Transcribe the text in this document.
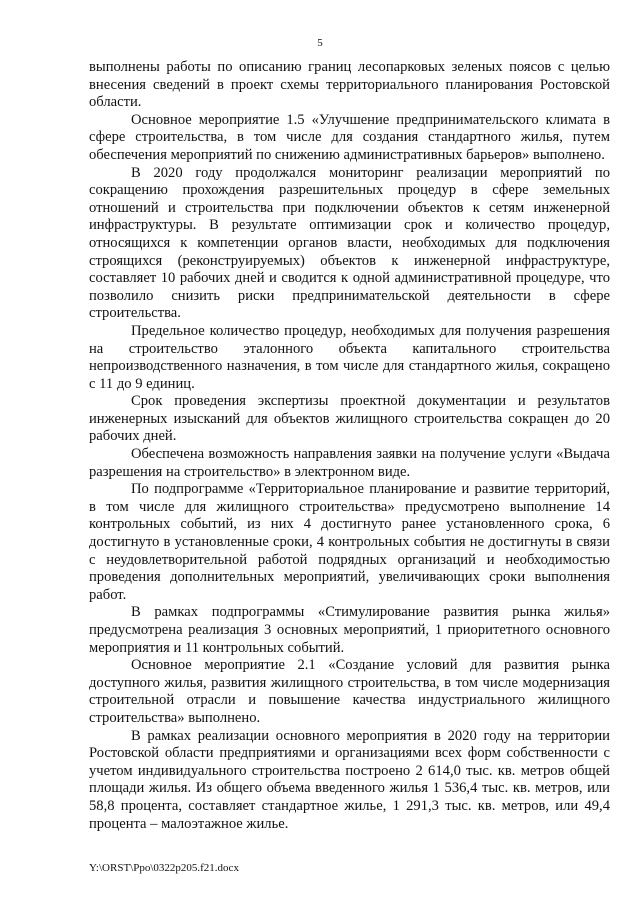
5

выполнены работы по описанию границ лесопарковых зеленых поясов с целью внесения сведений в проект схемы территориального планирования Ростовской области.

Основное мероприятие 1.5 «Улучшение предпринимательского климата в сфере строительства, в том числе для создания стандартного жилья, путем обеспечения мероприятий по снижению административных барьеров» выполнено.

В 2020 году продолжался мониторинг реализации мероприятий по сокращению прохождения разрешительных процедур в сфере земельных отношений и строительства при подключении объектов к сетям инженерной инфраструктуры. В результате оптимизации срок и количество процедур, относящихся к компетенции органов власти, необходимых для подключения строящихся (реконструируемых) объектов к инженерной инфраструктуре, составляет 10 рабочих дней и сводится к одной административной процедуре, что позволило снизить риски предпринимательской деятельности в сфере строительства.

Предельное количество процедур, необходимых для получения разрешения на строительство эталонного объекта капитального строительства непроизводственного назначения, в том числе для стандартного жилья, сокращено с 11 до 9 единиц.

Срок проведения экспертизы проектной документации и результатов инженерных изысканий для объектов жилищного строительства сокращен до 20 рабочих дней.

Обеспечена возможность направления заявки на получение услуги «Выдача разрешения на строительство» в электронном виде.

По подпрограмме «Территориальное планирование и развитие территорий, в том числе для жилищного строительства» предусмотрено выполнение 14 контрольных событий, из них 4 достигнуто ранее установленного срока, 6 достигнуто в установленные сроки, 4 контрольных события не достигнуты в связи с неудовлетворительной работой подрядных организаций и необходимостью проведения дополнительных мероприятий, увеличивающих сроки выполнения работ.

В рамках подпрограммы «Стимулирование развития рынка жилья» предусмотрена реализация 3 основных мероприятий, 1 приоритетного основного мероприятия и 11 контрольных событий.

Основное мероприятие 2.1 «Создание условий для развития рынка доступного жилья, развития жилищного строительства, в том числе модернизация строительной отрасли и повышение качества индустриального жилищного строительства» выполнено.

В рамках реализации основного мероприятия в 2020 году на территории Ростовской области предприятиями и организациями всех форм собственности с учетом индивидуального строительства построено 2 614,0 тыс. кв. метров общей площади жилья. Из общего объема введенного жилья 1 536,4 тыс. кв. метров, или 58,8 процента, составляет стандартное жилье, 1 291,3 тыс. кв. метров, или 49,4 процента – малоэтажное жилье.

Y:\ORST\Ppo\0322p205.f21.docx
